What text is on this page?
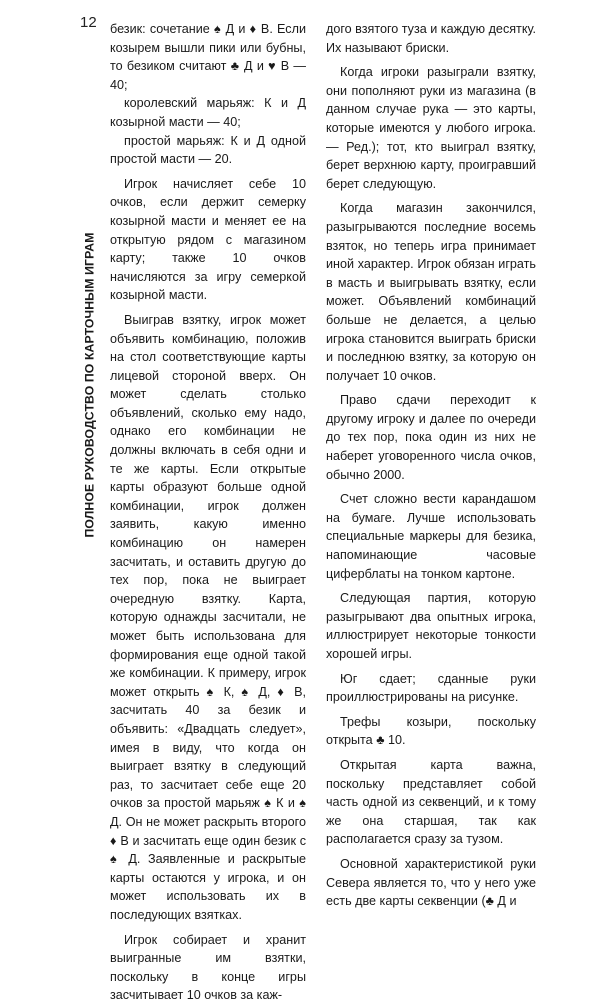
12
ПОЛНОЕ РУКОВОДСТВО ПО КАРТОЧНЫМ ИГРАМ

безик: сочетание ♠ Д и ♦ В. Если козырем вышли пики или бубны, то безиком считают ♣ Д и ♥ В — 40;

королевский марьяж: К и Д козырной масти — 40;

простой марьяж: К и Д одной простой масти — 20.

Игрок начисляет себе 10 очков, если держит семерку козырной масти и меняет ее на открытую рядом с магазином карту; также 10 очков начисляются за игру семеркой козырной масти.

Выиграв взятку, игрок может объявить комбинацию, положив на стол соответствующие карты лицевой стороной вверх. Он может сделать столько объявлений, сколько ему надо, однако его комбинации не должны включать в себя одни и те же карты. Если открытые карты образуют больше одной комбинации, игрок должен заявить, какую именно комбинацию он намерен засчитать, и оставить другую до тех пор, пока не выиграет очередную взятку. Карта, которую однажды засчитали, не может быть использована для формирования еще одной такой же комбинации. К примеру, игрок может открыть ♠ К, ♠ Д, ♦ В, засчитать 40 за безик и объявить: «Двадцать следует», имея в виду, что когда он выиграет взятку в следующий раз, то засчитает себе еще 20 очков за простой марьяж ♠ К и ♠ Д. Он не может раскрыть второго ♦ В и засчитать еще один безик с ♠ Д. Заявленные и раскрытые карты остаются у игрока, и он может использовать их в последующих взятках.

Игрок собирает и хранит выигранные им взятки, поскольку в конце игры засчитывает 10 очков за каж-

дого взятого туза и каждую десятку. Их называют бриски.

Когда игроки разыграли взятку, они пополняют руки из магазина (в данном случае рука — это карты, которые имеются у любого игрока. — Ред.); тот, кто выиграл взятку, берет верхнюю карту, проигравший берет следующую.

Когда магазин закончился, разыгрываются последние восемь взяток, но теперь игра принимает иной характер. Игрок обязан играть в масть и выигрывать взятку, если может. Объявлений комбинаций больше не делается, а целью игрока становится выиграть бриски и последнюю взятку, за которую он получает 10 очков.

Право сдачи переходит к другому игроку и далее по очереди до тех пор, пока один из них не наберет уговоренного числа очков, обычно 2000.

Счет сложно вести карандашом на бумаге. Лучше использовать специальные маркеры для безика, напоминающие часовые циферблаты на тонком картоне.

Следующая партия, которую разыгрывают два опытных игрока, иллюстрирует некоторые тонкости хорошей игры.

Юг сдает; сданные руки проиллюстрированы на рисунке.

Трефы козыри, поскольку открыта ♣ 10.

Открытая карта важна, поскольку представляет собой часть одной из секвенций, и к тому же она старшая, так как располагается сразу за тузом.

Основной характеристикой руки Севера является то, что у него уже есть две карты секвенции (♣ Д и
